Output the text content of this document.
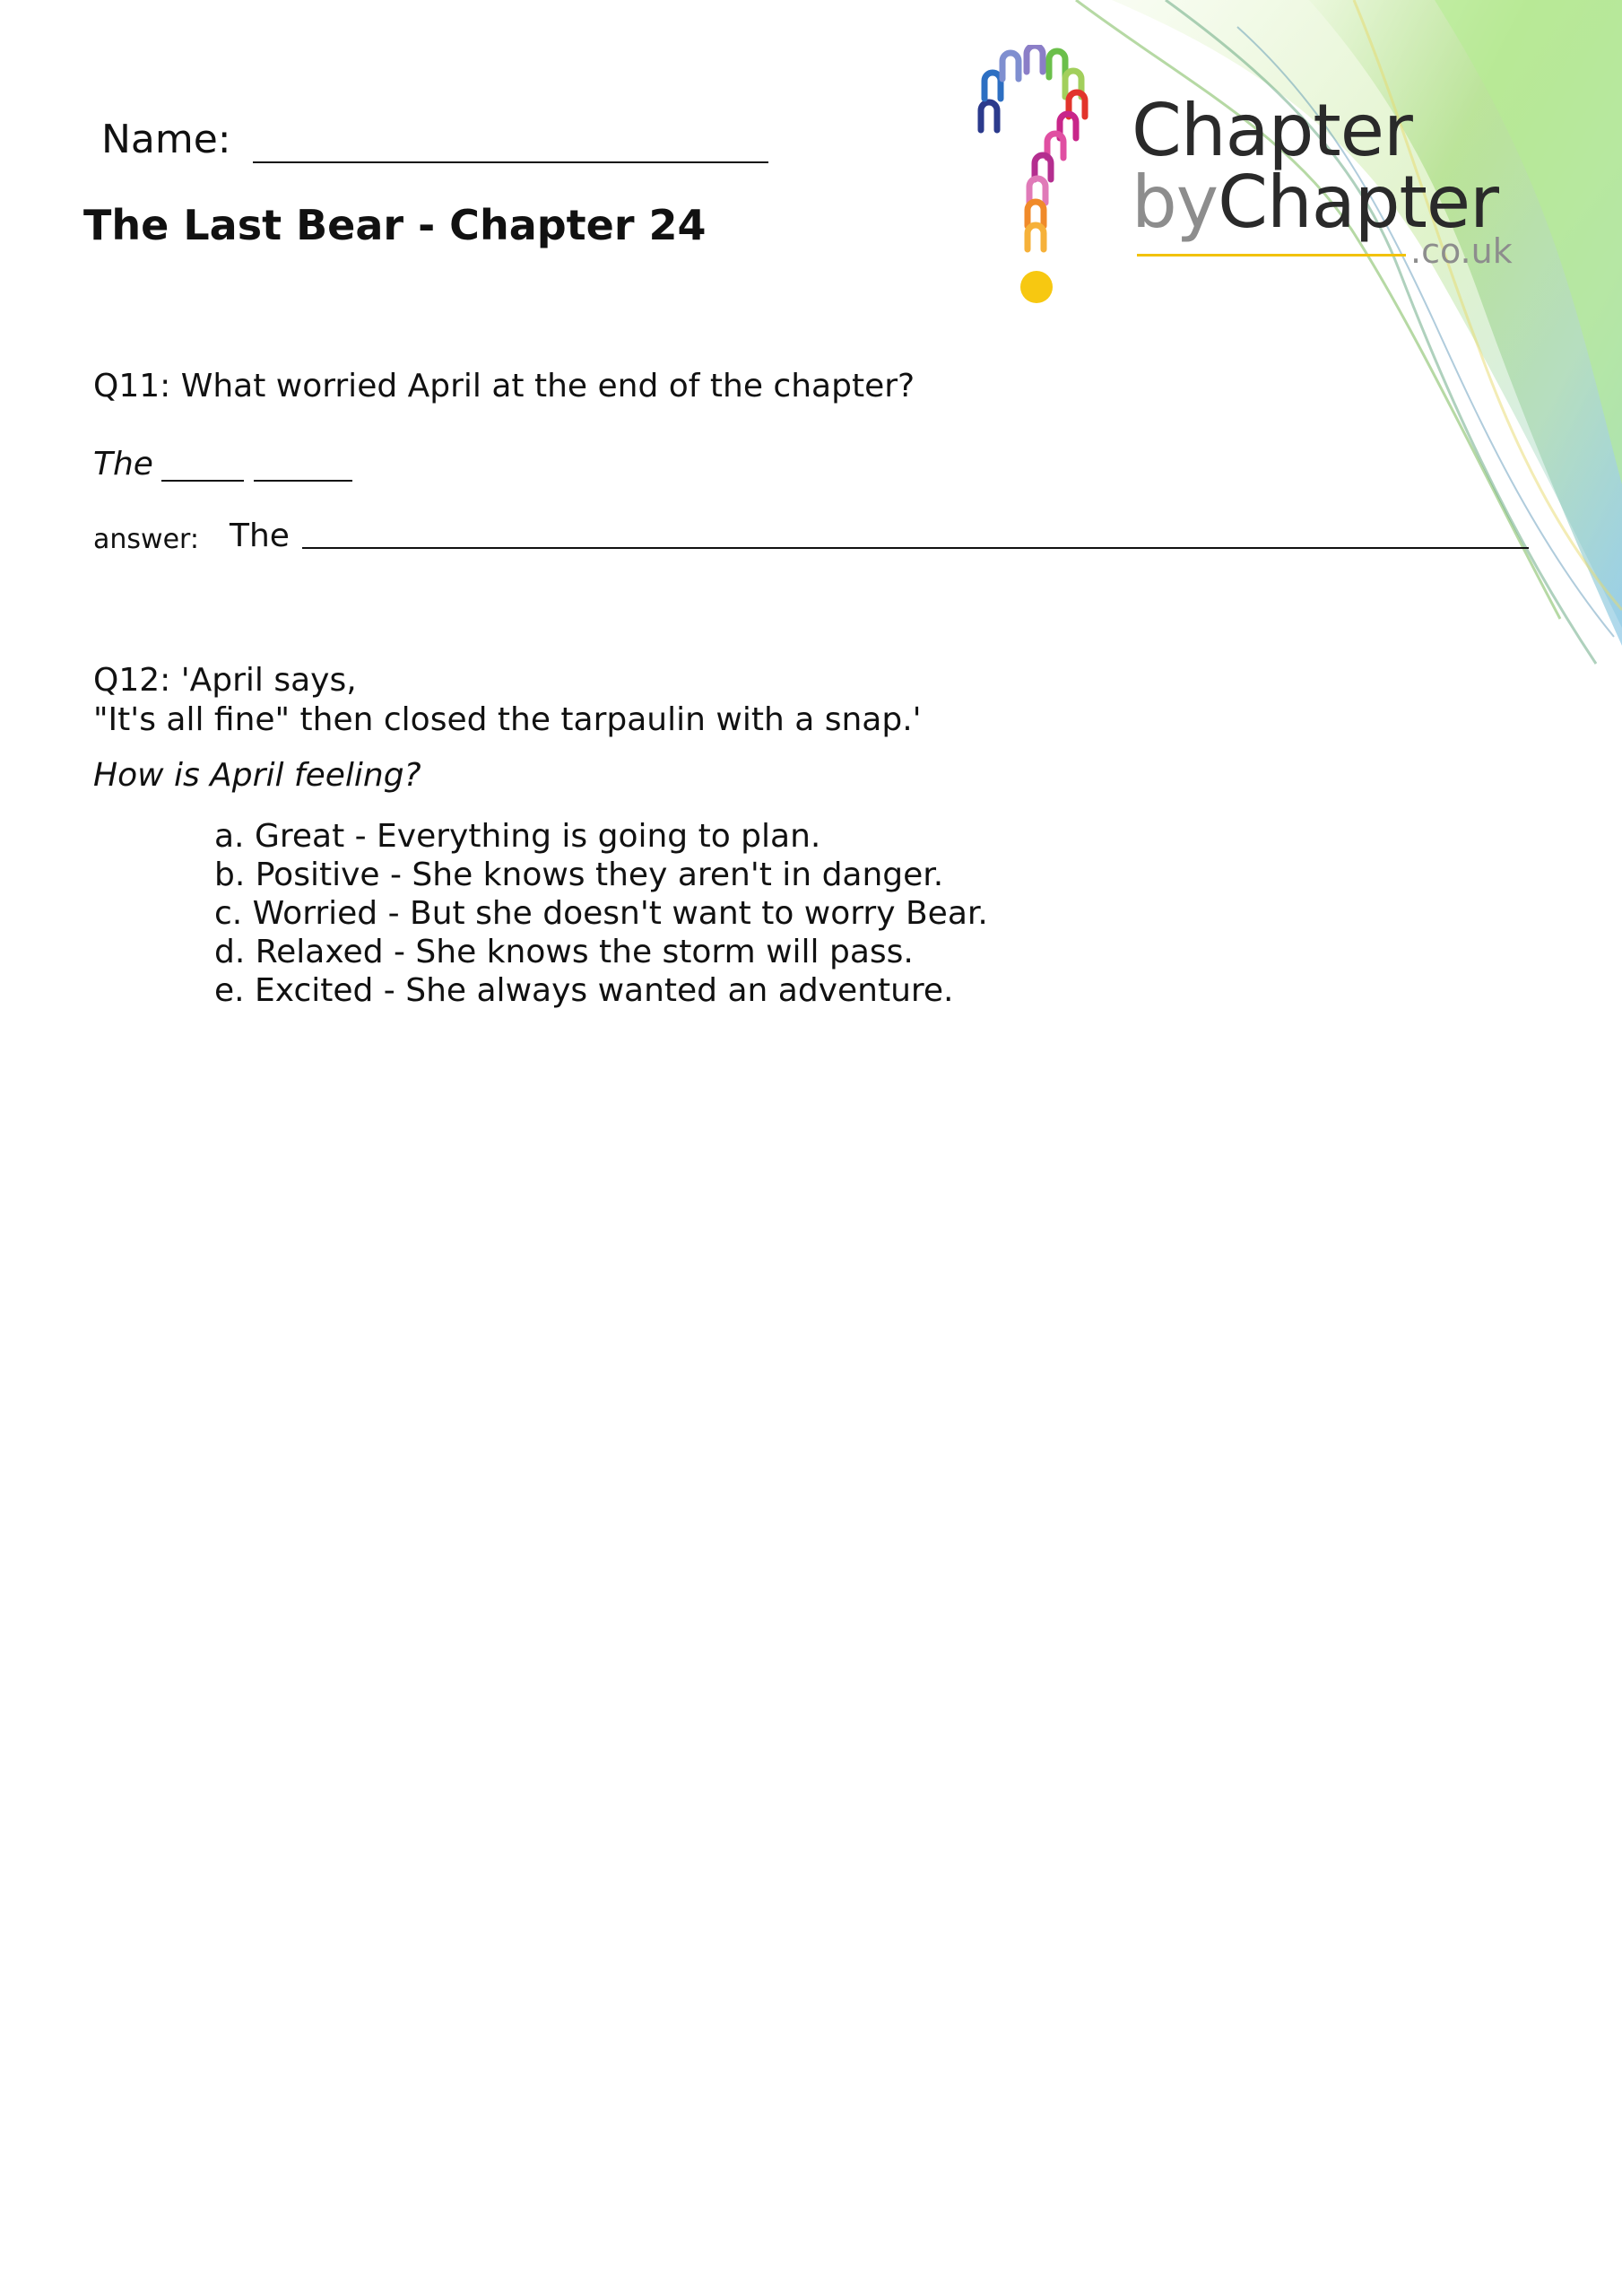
Chapter
byChapter
.co.uk
Name:
The Last Bear - Chapter 24
Q11: What worried April at the end of the chapter?
The
answer: The
Q12: 'April says,
"It's all fine" then closed the tarpaulin with a snap.'
How is April feeling?
a. Great - Everything is going to plan.
b. Positive - She knows they aren't in danger.
c. Worried - But she doesn't want to worry Bear.
d. Relaxed - She knows the storm will pass.
e. Excited - She always wanted an adventure.
